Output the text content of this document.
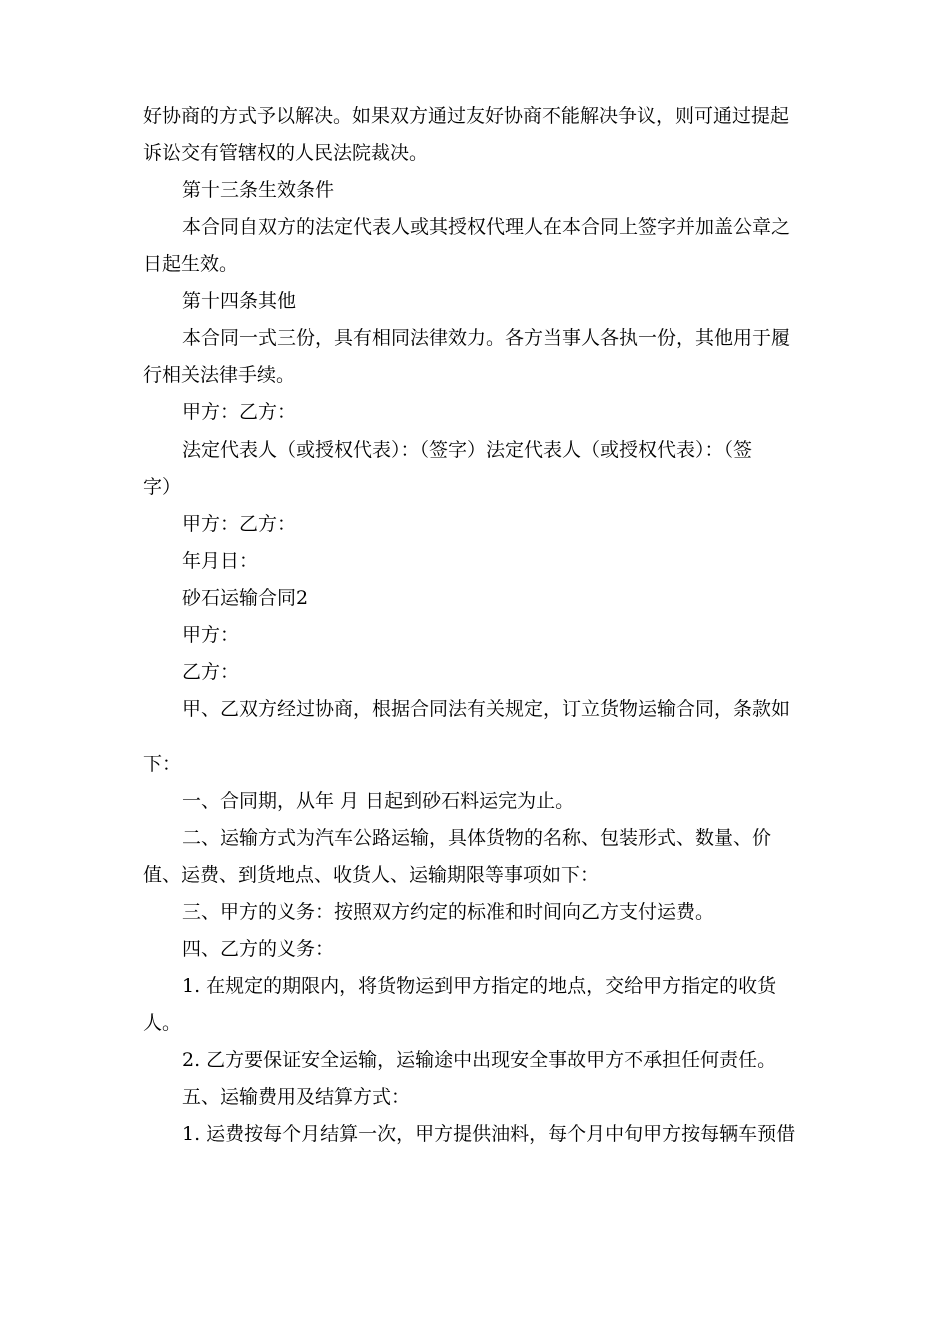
好协商的方式予以解决。如果双方通过友好协商不能解决争议，则可通过提起
诉讼交有管辖权的人民法院裁决。
第十三条生效条件
本合同自双方的法定代表人或其授权代理人在本合同上签字并加盖公章之
日起生效。
第十四条其他
本合同一式三份，具有相同法律效力。各方当事人各执一份，其他用于履
行相关法律手续。
甲方：乙方：
法定代表人（或授权代表）：（签字）法定代表人（或授权代表）：（签
字）
甲方：乙方：
年月日：
砂石运输合同2
甲方：
乙方：
甲、乙双方经过协商，根据合同法有关规定，订立货物运输合同，条款如
下：
一、合同期，从年 月 日起到砂石料运完为止。
二、运输方式为汽车公路运输，具体货物的名称、包装形式、数量、价
值、运费、到货地点、收货人、运输期限等事项如下：
三、甲方的义务：按照双方约定的标准和时间向乙方支付运费。
四、乙方的义务：
1. 在规定的期限内，将货物运到甲方指定的地点，交给甲方指定的收货
人。
2. 乙方要保证安全运输，运输途中出现安全事故甲方不承担任何责任。
五、运输费用及结算方式：
1. 运费按每个月结算一次，甲方提供油料，每个月中旬甲方按每辆车预借
